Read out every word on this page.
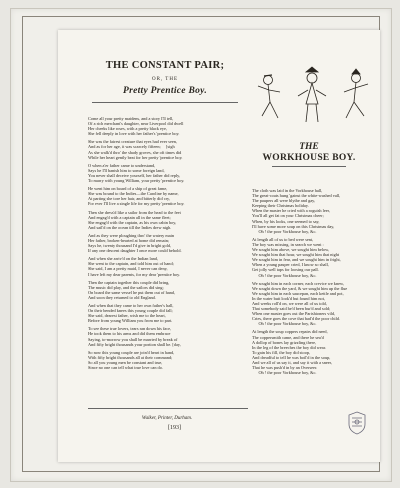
THE CONSTANT PAIR;
OR, THE
Pretty Prentice Boy.
Come all your pretty maidens, and a story I'll tell,
Of a rich merchant's daughter, near Liverpool did dwell
Her cheeks like roses, with a pretty black eye,
She fell deeply in love with her father's 'prentice boy.
She was the fairest creature that eyes had ever seen,
And as for her age, it was scarcely fifteen;     [sigh
As she walk'd thro' the shady groves, she oft times did
While her heart gently beat for her pretty 'prentice boy.
O when a'er father came to understand,
Says he I'll banish him to some foreign land,
You never shall deceive yourself, her father did reply,
To marry with young William, your pretty 'prentice boy.
He went him on board of a ship of great fame,
She was bound to the Indies—the Caroline by name,
At parting she tore her hair, and bitterly did cry,
For ever I'll live a single life for my pretty 'prentice boy.
Then she dress'd like a sailor from the head to the feet
And engag'd with a captain all in the same fleet;
She engag'd with the captain, as his own cabin boy,
And sail'd on the ocean till the Indies drew nigh.
And as they were ploughing thro' the watery main
Her father, broken-hearted at home did remain;
Says he, twenty thousand I'd give in bright gold,
If any one descent daughter I once more could behold.
And when she arriv'd on the Indian land,
She went to the captain, and told him out of hand;
She said, I am a pretty maid, I never can deny,
I have left my dear parents, for my dear 'prentice boy.
Then the captain together this couple did bring,
The music did play, and the sailors did sing;
On board the same vessel he put them out of hand,
And soon they returned to old England.
And when that they came to her own father's hall,
On their bended knees this young couple did fall;
She said, dearest father, wish me to the heart,
Before from young William you from me to part.
To see these true lovers, tears ran down his face,
He took them to his arms and did them embrace
Saying, to-morrow you shall be married by break of
And fifty bright thousands your portion shall be. [day,
So now this young couple are join'd heart in hand,
With fifty bright thousands all at their command;
So all you young men be constant and true,
Since no one can tell what true love can do.
Walker, Printer, Durham.
[193]
THE
WORKHOUSE BOY.
The cloth was laid in the Vorkhouse hall,
The great-coats hung 'gainst the white-washed vall,
The paupers all were blythe and gay,
Keeping their Christmas holiday.
When the master he cried with a roguish leer,
You'll all get fat on your Christmas cheer;
When, by his looks, one seemed to say,
I'll have some more soup on this Christmas day,
Oh ! the poor Vorkhouse boy, &c.
At length all of us to bed were sent,
The boy was missing, in search we went :
We sought him above, we sought him below,
We sought him that hour, we sought him that night
We sought him in fear, and we sought him in fright,
When a young pauper cried, I know so shall,
Get jolly well taps for loosing our pall.
Oh ! the poor Vorkhouse boy, &c.
We sought him in each corner, each crevice we knew,
We sought down the yard, & we sought him up the flue
We sought him in each saucepan, each kettle and pot,
In the water butt look'd but found him not,
And weeks roll'd on, we were all of us told,
That somebody said he'd been bur'd and sold;
When one master goes out the Parishioners vild,
Cries, there goes the cove that bad'd the poor child.
Oh ! the poor Vorkhouse boy, &c.
At length the soup coppers repairs did need,
The coppersmith came, and there he sea'd
A dollop of bones lay grizzling there,
In the leg of the breeches the boy did wear.
To gain his fill, the boy did stoop,
And dreadful to tell he was boil'd in the soup,
And we all of us say it, and say it with a sneer,
That he was push'd in by an Overseer.
Oh ! the poor Vorkhouse boy, &c.
